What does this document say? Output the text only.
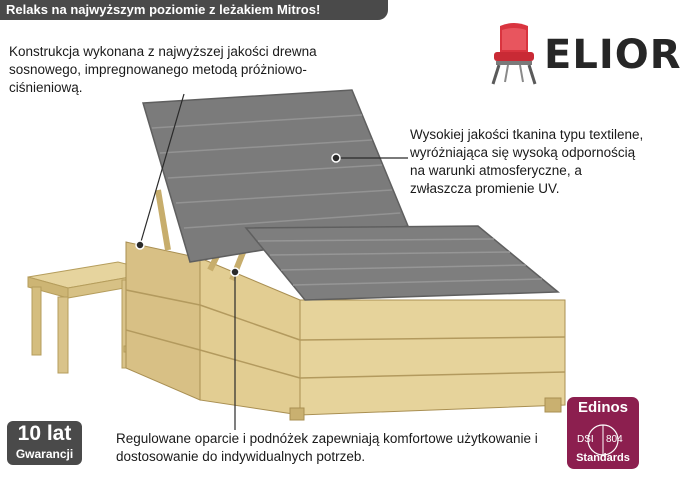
Relaks na najwyższym poziomie z leżakiem Mitros!
ELIOR
Konstrukcja wykonana z najwyższej jakości drewna sosnowego, impregnowanego metodą próżniowo-ciśnieniową.
Wysokiej jakości tkanina typu textilene, wyróżniająca się wysoką odpornością na warunki atmosferyczne, a zwłaszcza promienie UV.
Regulowane oparcie i podnóżek zapewniają komfortowe użytkowanie i dostosowanie do indywidualnych potrzeb.
10 lat
Gwarancji
Edinos
DSI 804
Standards
